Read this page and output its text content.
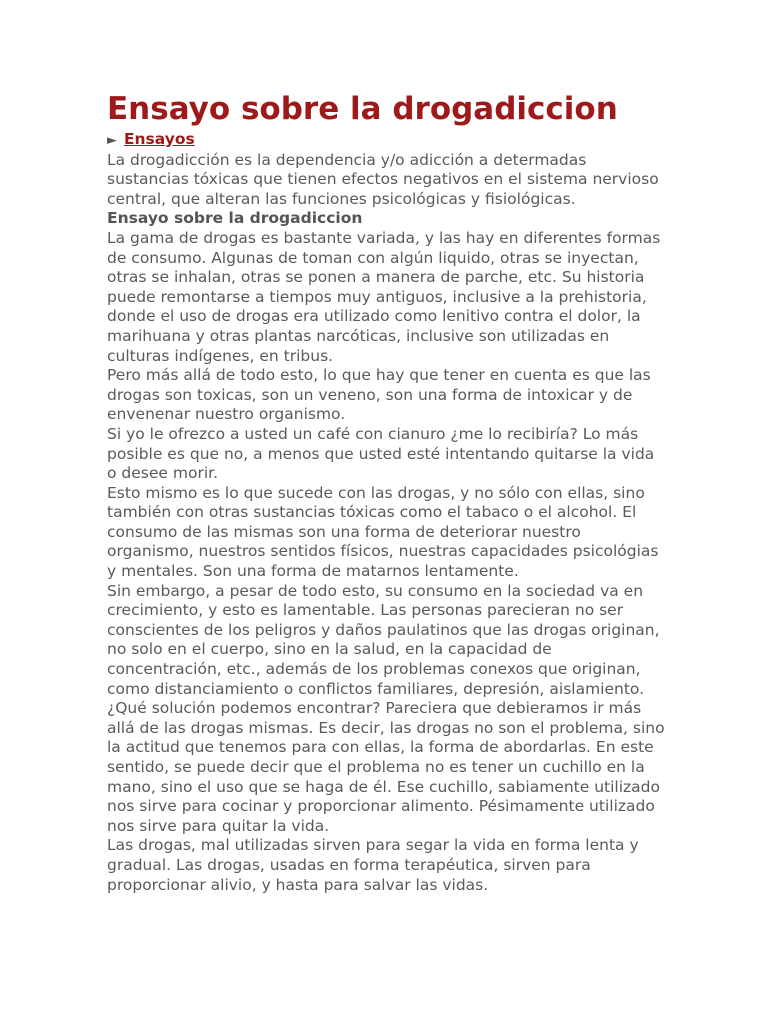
Ensayo sobre la drogadiccion
► Ensayos

La drogadicción es la dependencia y/o adicción a determadas sustancias tóxicas que tienen efectos negativos en el sistema nervioso central, que alteran las funciones psicológicas y fisiológicas.

Ensayo sobre la drogadiccion

La gama de drogas es bastante variada, y las hay en diferentes formas de consumo. Algunas de toman con algún liquido, otras se inyectan, otras se inhalan, otras se ponen a manera de parche, etc. Su historia puede remontarse a tiempos muy antiguos, inclusive a la prehistoria, donde el uso de drogas era utilizado como lenitivo contra el dolor, la marihuana y otras plantas narcóticas, inclusive son utilizadas en culturas indígenes, en tribus.

Pero más allá de todo esto, lo que hay que tener en cuenta es que las drogas son toxicas, son un veneno, son una forma de intoxicar y de envenenar nuestro organismo.

Si yo le ofrezco a usted un café con cianuro ¿me lo recibiría? Lo más posible es que no, a menos que usted esté intentando quitarse la vida o desee morir.

Esto mismo es lo que sucede con las drogas, y no sólo con ellas, sino también con otras sustancias tóxicas como el tabaco o el alcohol. El consumo de las mismas son una forma de deteriorar nuestro organismo, nuestros sentidos físicos, nuestras capacidades psicológias y mentales. Son una forma de matarnos lentamente.

Sin embargo, a pesar de todo esto, su consumo en la sociedad va en crecimiento, y esto es lamentable. Las personas parecieran no ser conscientes de los peligros y daños paulatinos que las drogas originan, no solo en el cuerpo, sino en la salud, en la capacidad de concentración, etc., además de los problemas conexos que originan, como distanciamiento o conflictos familiares, depresión, aislamiento.

¿Qué solución podemos encontrar? Pareciera que debieramos ir más allá de las drogas mismas. Es decir, las drogas no son el problema, sino la actitud que tenemos para con ellas, la forma de abordarlas. En este sentido, se puede decir que el problema no es tener un cuchillo en la mano, sino el uso que se haga de él. Ese cuchillo, sabiamente utilizado nos sirve para cocinar y proporcionar alimento. Pésimamente utilizado nos sirve para quitar la vida.

Las drogas, mal utilizadas sirven para segar la vida en forma lenta y gradual. Las drogas, usadas en forma terapéutica, sirven para proporcionar alivio, y hasta para salvar las vidas.
